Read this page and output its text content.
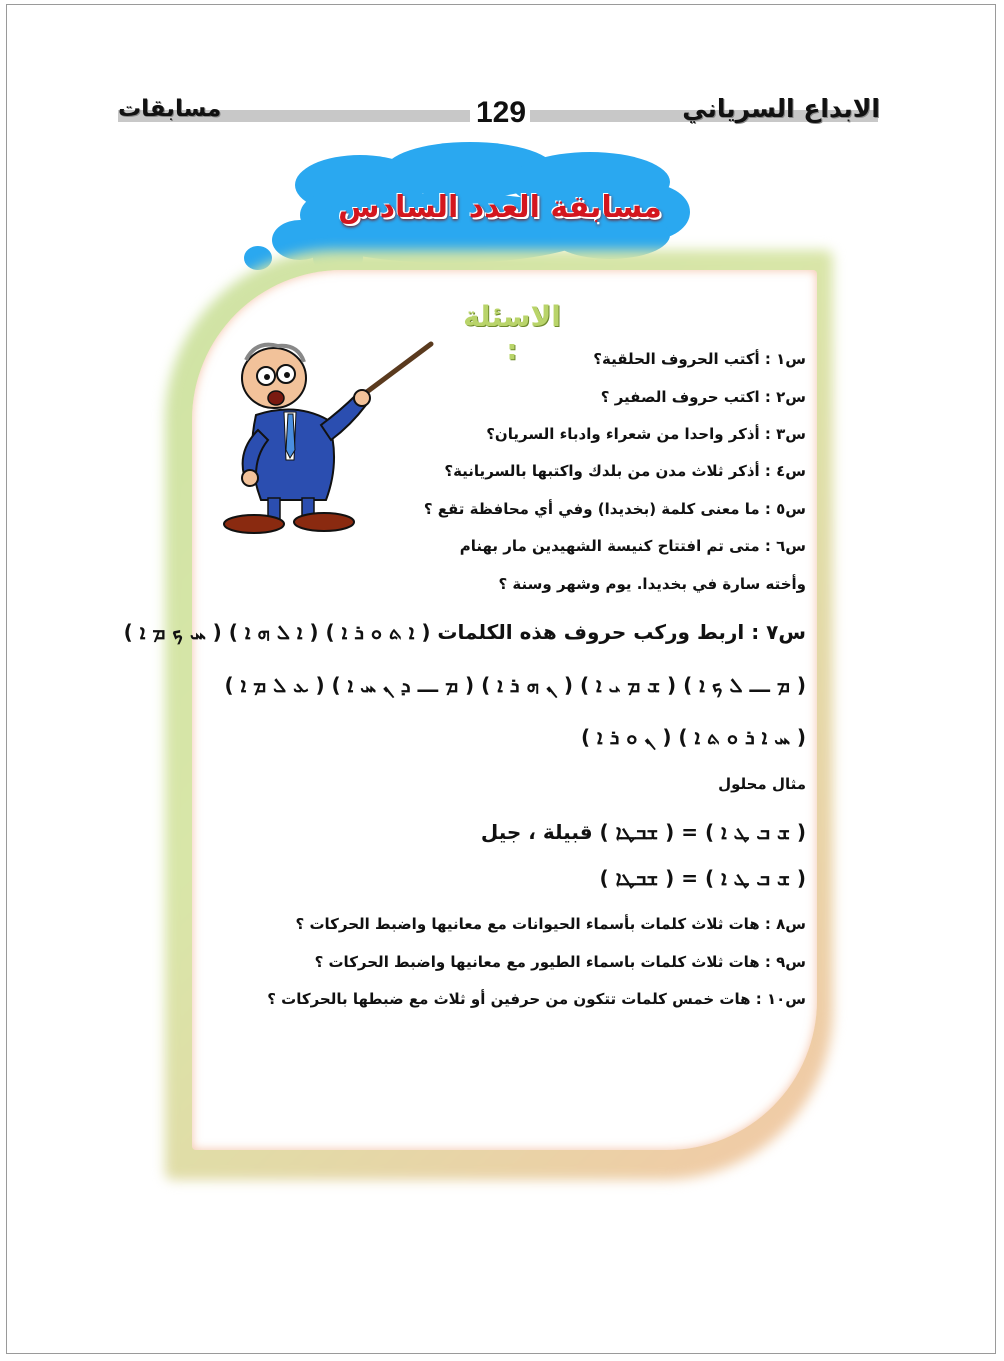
الابداع السرياني
129
مسابقات
مسابقة العدد السادس
الاسئلة :	س١ : أكتب الحروف الحلقية؟
س٢ : اكتب حروف الصفير ؟
س٣ : أذكر واحدا من شعراء وادباء السريان؟
س٤ : أذكر ثلاث مدن من بلدك واكتبها بالسريانية؟
س٥ : ما معنى كلمة (بخديدا) وفي أي محافظة تقع ؟
س٦ : متى تم افتتاح كنيسة الشهيدين مار بهنام
وأخته سارة في بخديدا. يوم وشهر وسنة ؟
س٧ : اربط وركب حروف هذه الكلمات ( ܐ ܬ ܘ ܪ ܐ ) ( ܐ ܠ ܗ ܐ ) ( ܚ ܟ ܡ ܐ )
( ܡ ـــ ܠ ܟ ܐ ) ( ܫ ܡ ܝ ܐ ) ( ܢ ܗ ܪ ܐ ) ( ܡ ـــ ܕ ܢ ܚ ܐ ) ( ܥ ܠ ܡ ܐ )
( ܚ ܐ ܪ ܘ ܬ ܐ ) ( ܢ ܘ ܪ ܐ )
مثال محلول
( ܫ ܒ ܛ ܐ ) = ( ܫܒܛܐ ) قبيلة ، جيل
( ܫ ܒ ܛ ܐ ) = ( ܫܒܛܐ )
س٨ : هات ثلاث كلمات بأسماء الحيوانات مع معانيها واضبط الحركات ؟
س٩ : هات ثلاث كلمات باسماء الطيور مع معانيها واضبط الحركات ؟
س١٠ : هات خمس كلمات تتكون من حرفين أو ثلاث مع ضبطها بالحركات ؟
